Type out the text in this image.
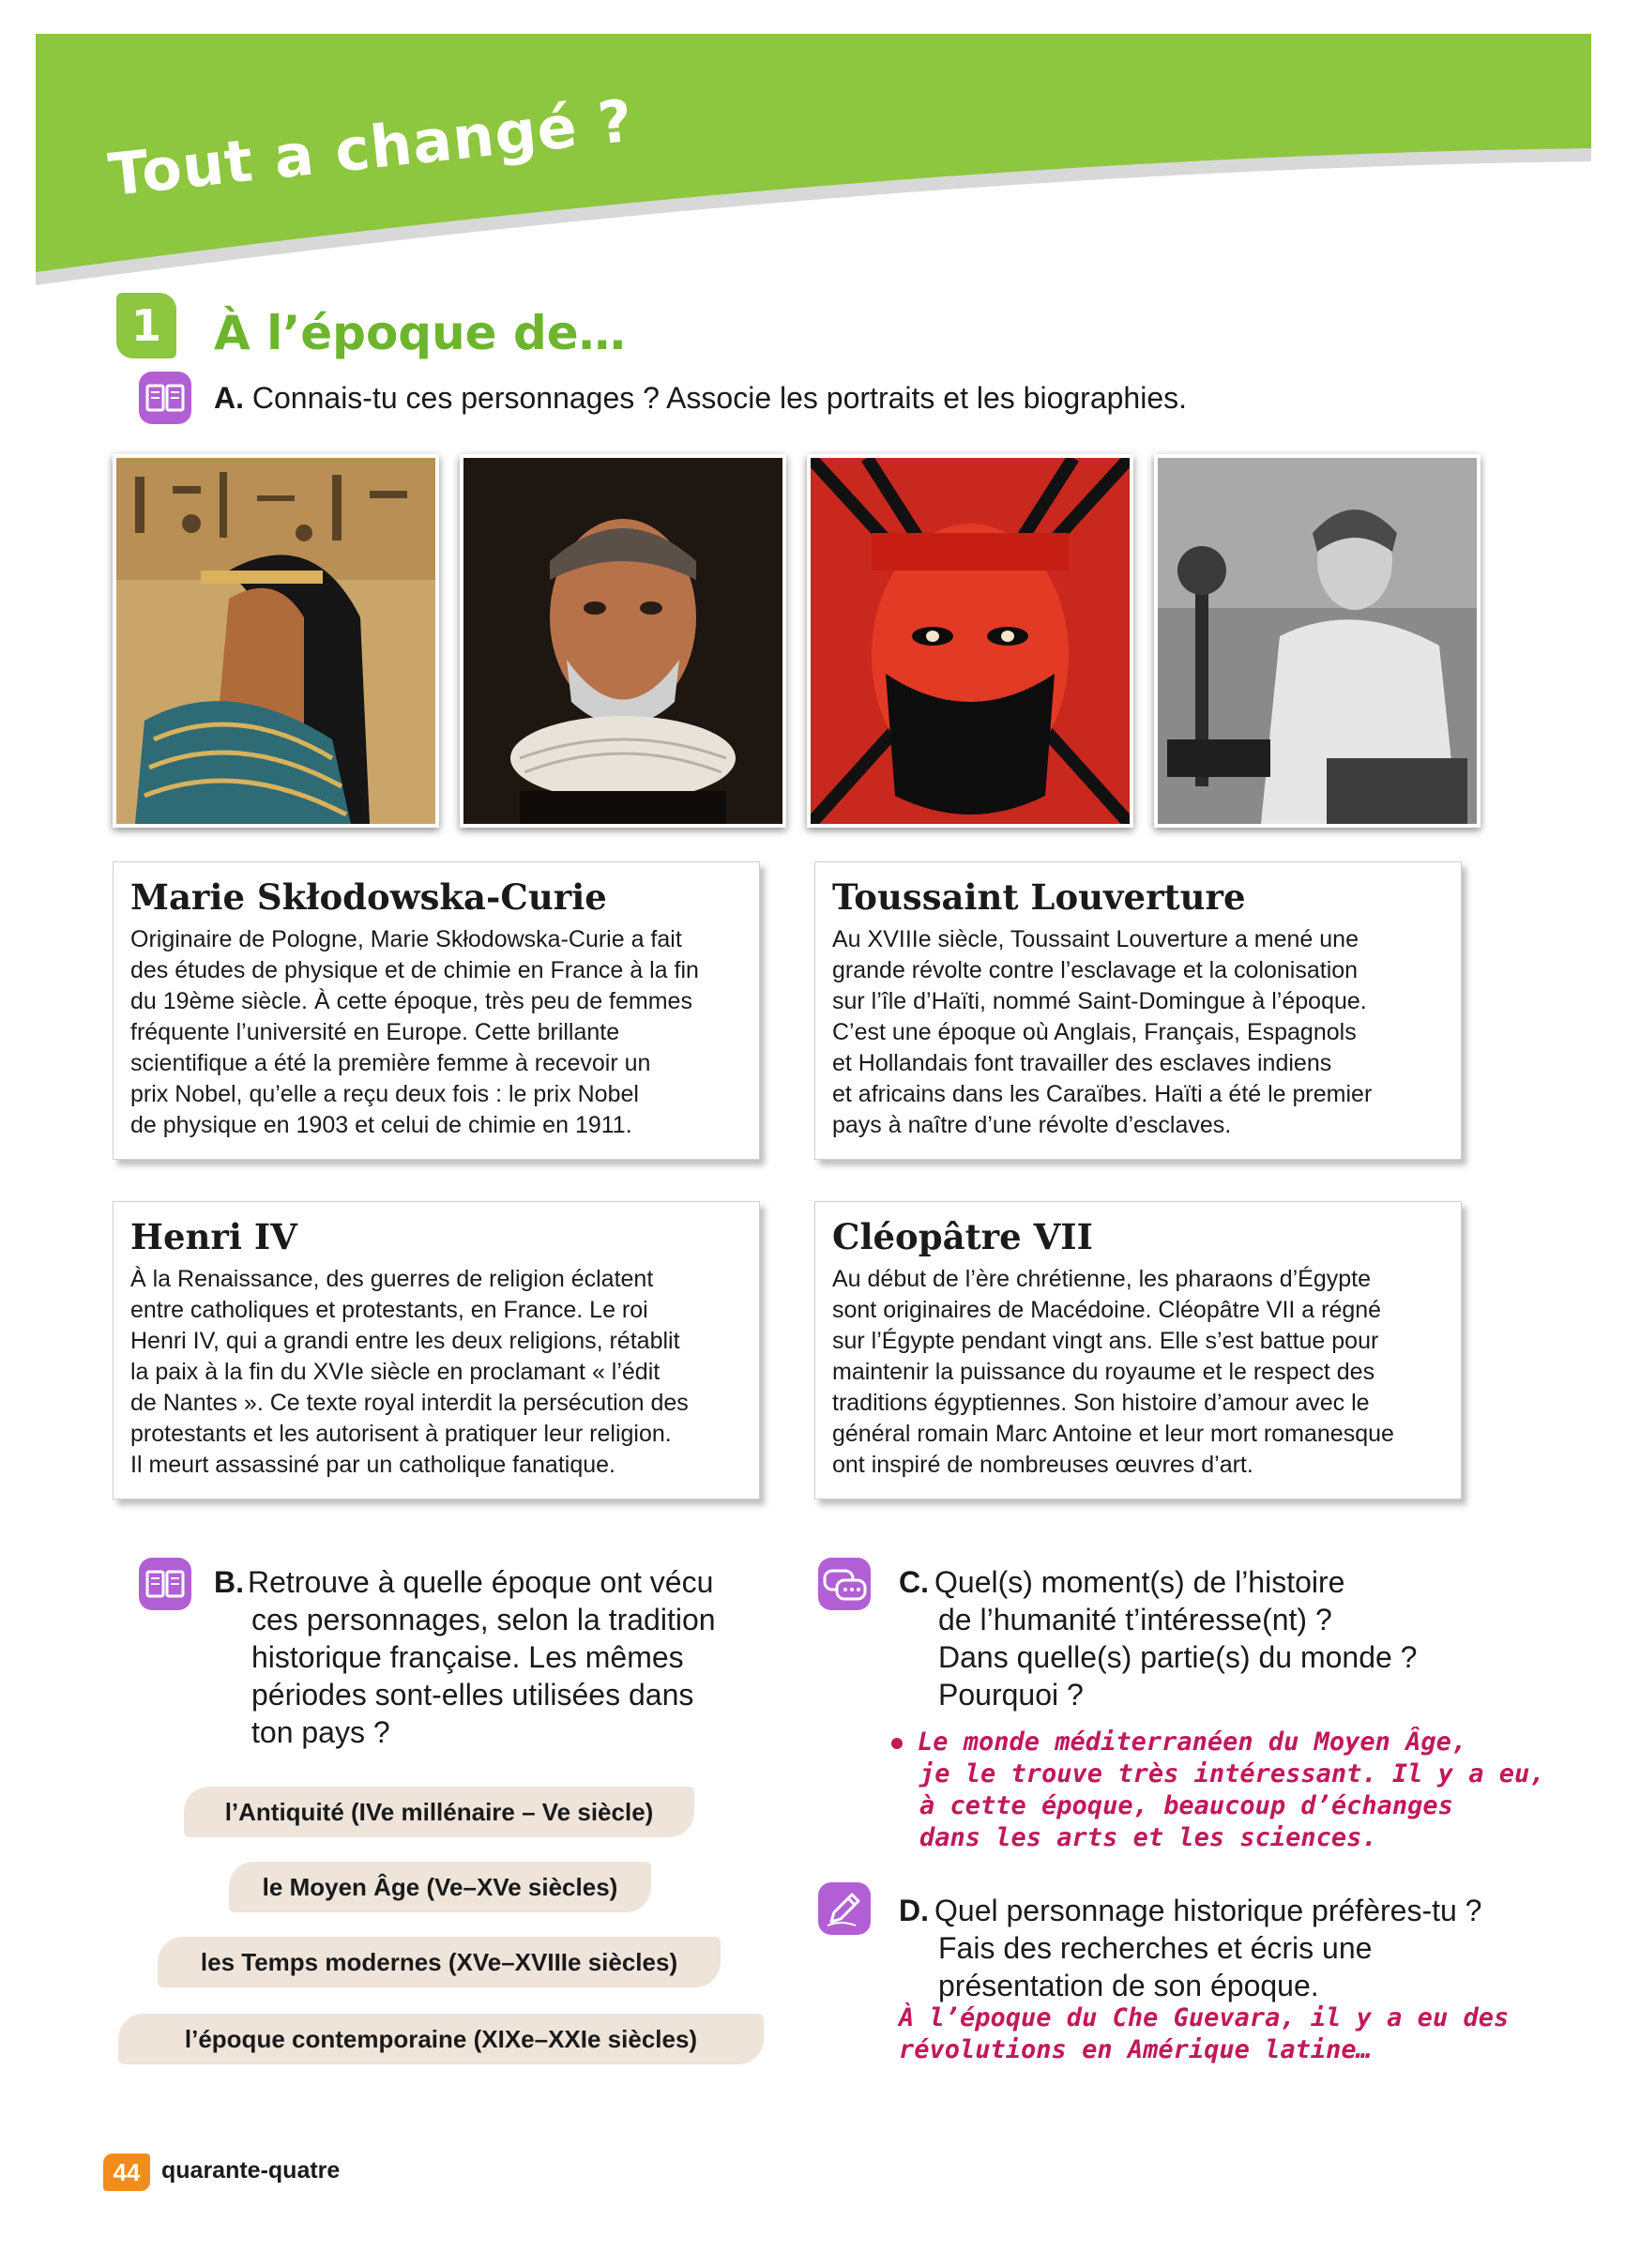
Tout a changé ?
1	À l’époque de…
A. Connais-tu ces personnages ? Associe les portraits et les biographies.
Marie Skłodowska-Curie
Originaire de Pologne, Marie Skłodowska-Curie a fait
des études de physique et de chimie en France à la fin
du 19ème siècle. À cette époque, très peu de femmes
fréquente l’université en Europe. Cette brillante
scientifique a été la première femme à recevoir un
prix Nobel, qu’elle a reçu deux fois : le prix Nobel
de physique en 1903 et celui de chimie en 1911.
Toussaint Louverture
Au XVIIIe siècle, Toussaint Louverture a mené une
grande révolte contre l’esclavage et la colonisation
sur l’île d’Haïti, nommé Saint-Domingue à l’époque.
C’est une époque où Anglais, Français, Espagnols
et Hollandais font travailler des esclaves indiens
et africains dans les Caraïbes. Haïti a été le premier
pays à naître d’une révolte d’esclaves.
Henri IV
À la Renaissance, des guerres de religion éclatent
entre catholiques et protestants, en France. Le roi
Henri IV, qui a grandi entre les deux religions, rétablit
la paix à la fin du XVIe siècle en proclamant « l’édit
de Nantes ». Ce texte royal interdit la persécution des
protestants et les autorisent à pratiquer leur religion.
Il meurt assassiné par un catholique fanatique.
Cléopâtre VII
Au début de l’ère chrétienne, les pharaons d’Égypte
sont originaires de Macédoine. Cléopâtre VII a régné
sur l’Égypte pendant vingt ans. Elle s’est battue pour
maintenir la puissance du royaume et le respect des
traditions égyptiennes. Son histoire d’amour avec le
général romain Marc Antoine et leur mort romanesque
ont inspiré de nombreuses œuvres d’art.
B. Retrouve à quelle époque ont vécu
ces personnages, selon la tradition
historique française. Les mêmes
périodes sont-elles utilisées dans
ton pays ?
l’Antiquité (IVe millénaire – Ve siècle)
le Moyen Âge (Ve–XVe siècles)
les Temps modernes (XVe–XVIIIe siècles)
l’époque contemporaine (XIXe–XXIe siècles)
C. Quel(s) moment(s) de l’histoire
de l’humanité t’intéresse(nt) ?
Dans quelle(s) partie(s) du monde ?
Pourquoi ?
Le monde méditerranéen du Moyen Âge,
je le trouve très intéressant. Il y a eu,
à cette époque, beaucoup d’échanges
dans les arts et les sciences.
D. Quel personnage historique préfères-tu ?
Fais des recherches et écris une
présentation de son époque.
À l’époque du Che Guevara, il y a eu des
révolutions en Amérique latine…
44 quarante-quatre
